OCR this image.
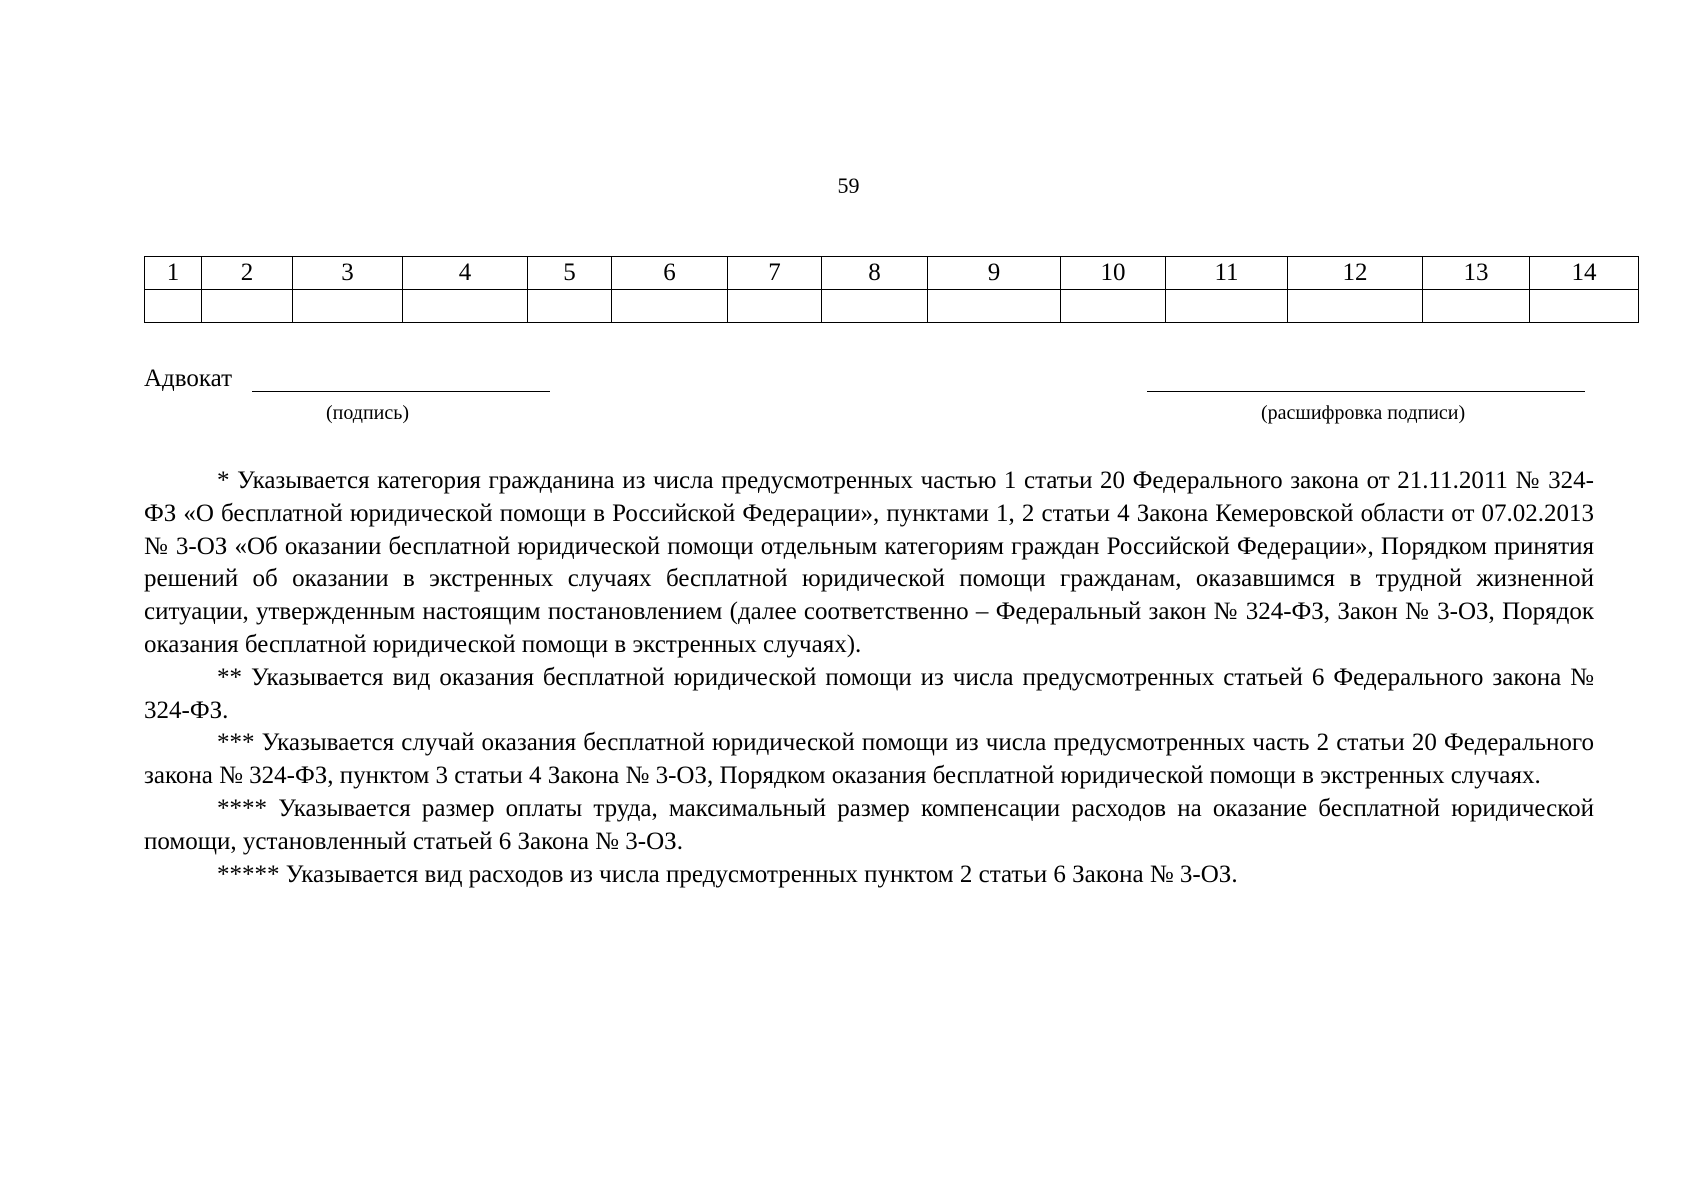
59
1	2	3	4	5	6	7	8	9	10	11	12	13	14

Адвокат
(подпись)	(расшифровка подписи)

* Указывается категория гражданина из числа предусмотренных частью 1 статьи 20 Федерального закона от 21.11.2011 № 324-ФЗ «О бесплатной юридической помощи в Российской Федерации», пунктами 1, 2 статьи 4 Закона Кемеровской области от 07.02.2013 № 3-ОЗ «Об оказании бесплатной юридической помощи отдельным категориям граждан Российской Федерации», Порядком принятия решений об оказании в экстренных случаях бесплатной юридической помощи гражданам, оказавшимся в трудной жизненной ситуации, утвержденным настоящим постановлением (далее соответственно – Федеральный закон № 324-ФЗ, Закон № 3-ОЗ, Порядок оказания бесплатной юридической помощи в экстренных случаях).

** Указывается вид оказания бесплатной юридической помощи из числа предусмотренных статьей 6 Федерального закона № 324-ФЗ.

*** Указывается случай оказания бесплатной юридической помощи из числа предусмотренных часть 2 статьи 20 Федерального закона № 324-ФЗ, пунктом 3 статьи 4 Закона № 3-ОЗ, Порядком оказания бесплатной юридической помощи в экстренных случаях.

**** Указывается размер оплаты труда, максимальный размер компенсации расходов на оказание бесплатной юридической помощи, установленный статьей 6 Закона № 3-ОЗ.

***** Указывается вид расходов из числа предусмотренных пунктом 2 статьи 6 Закона № 3-ОЗ.
